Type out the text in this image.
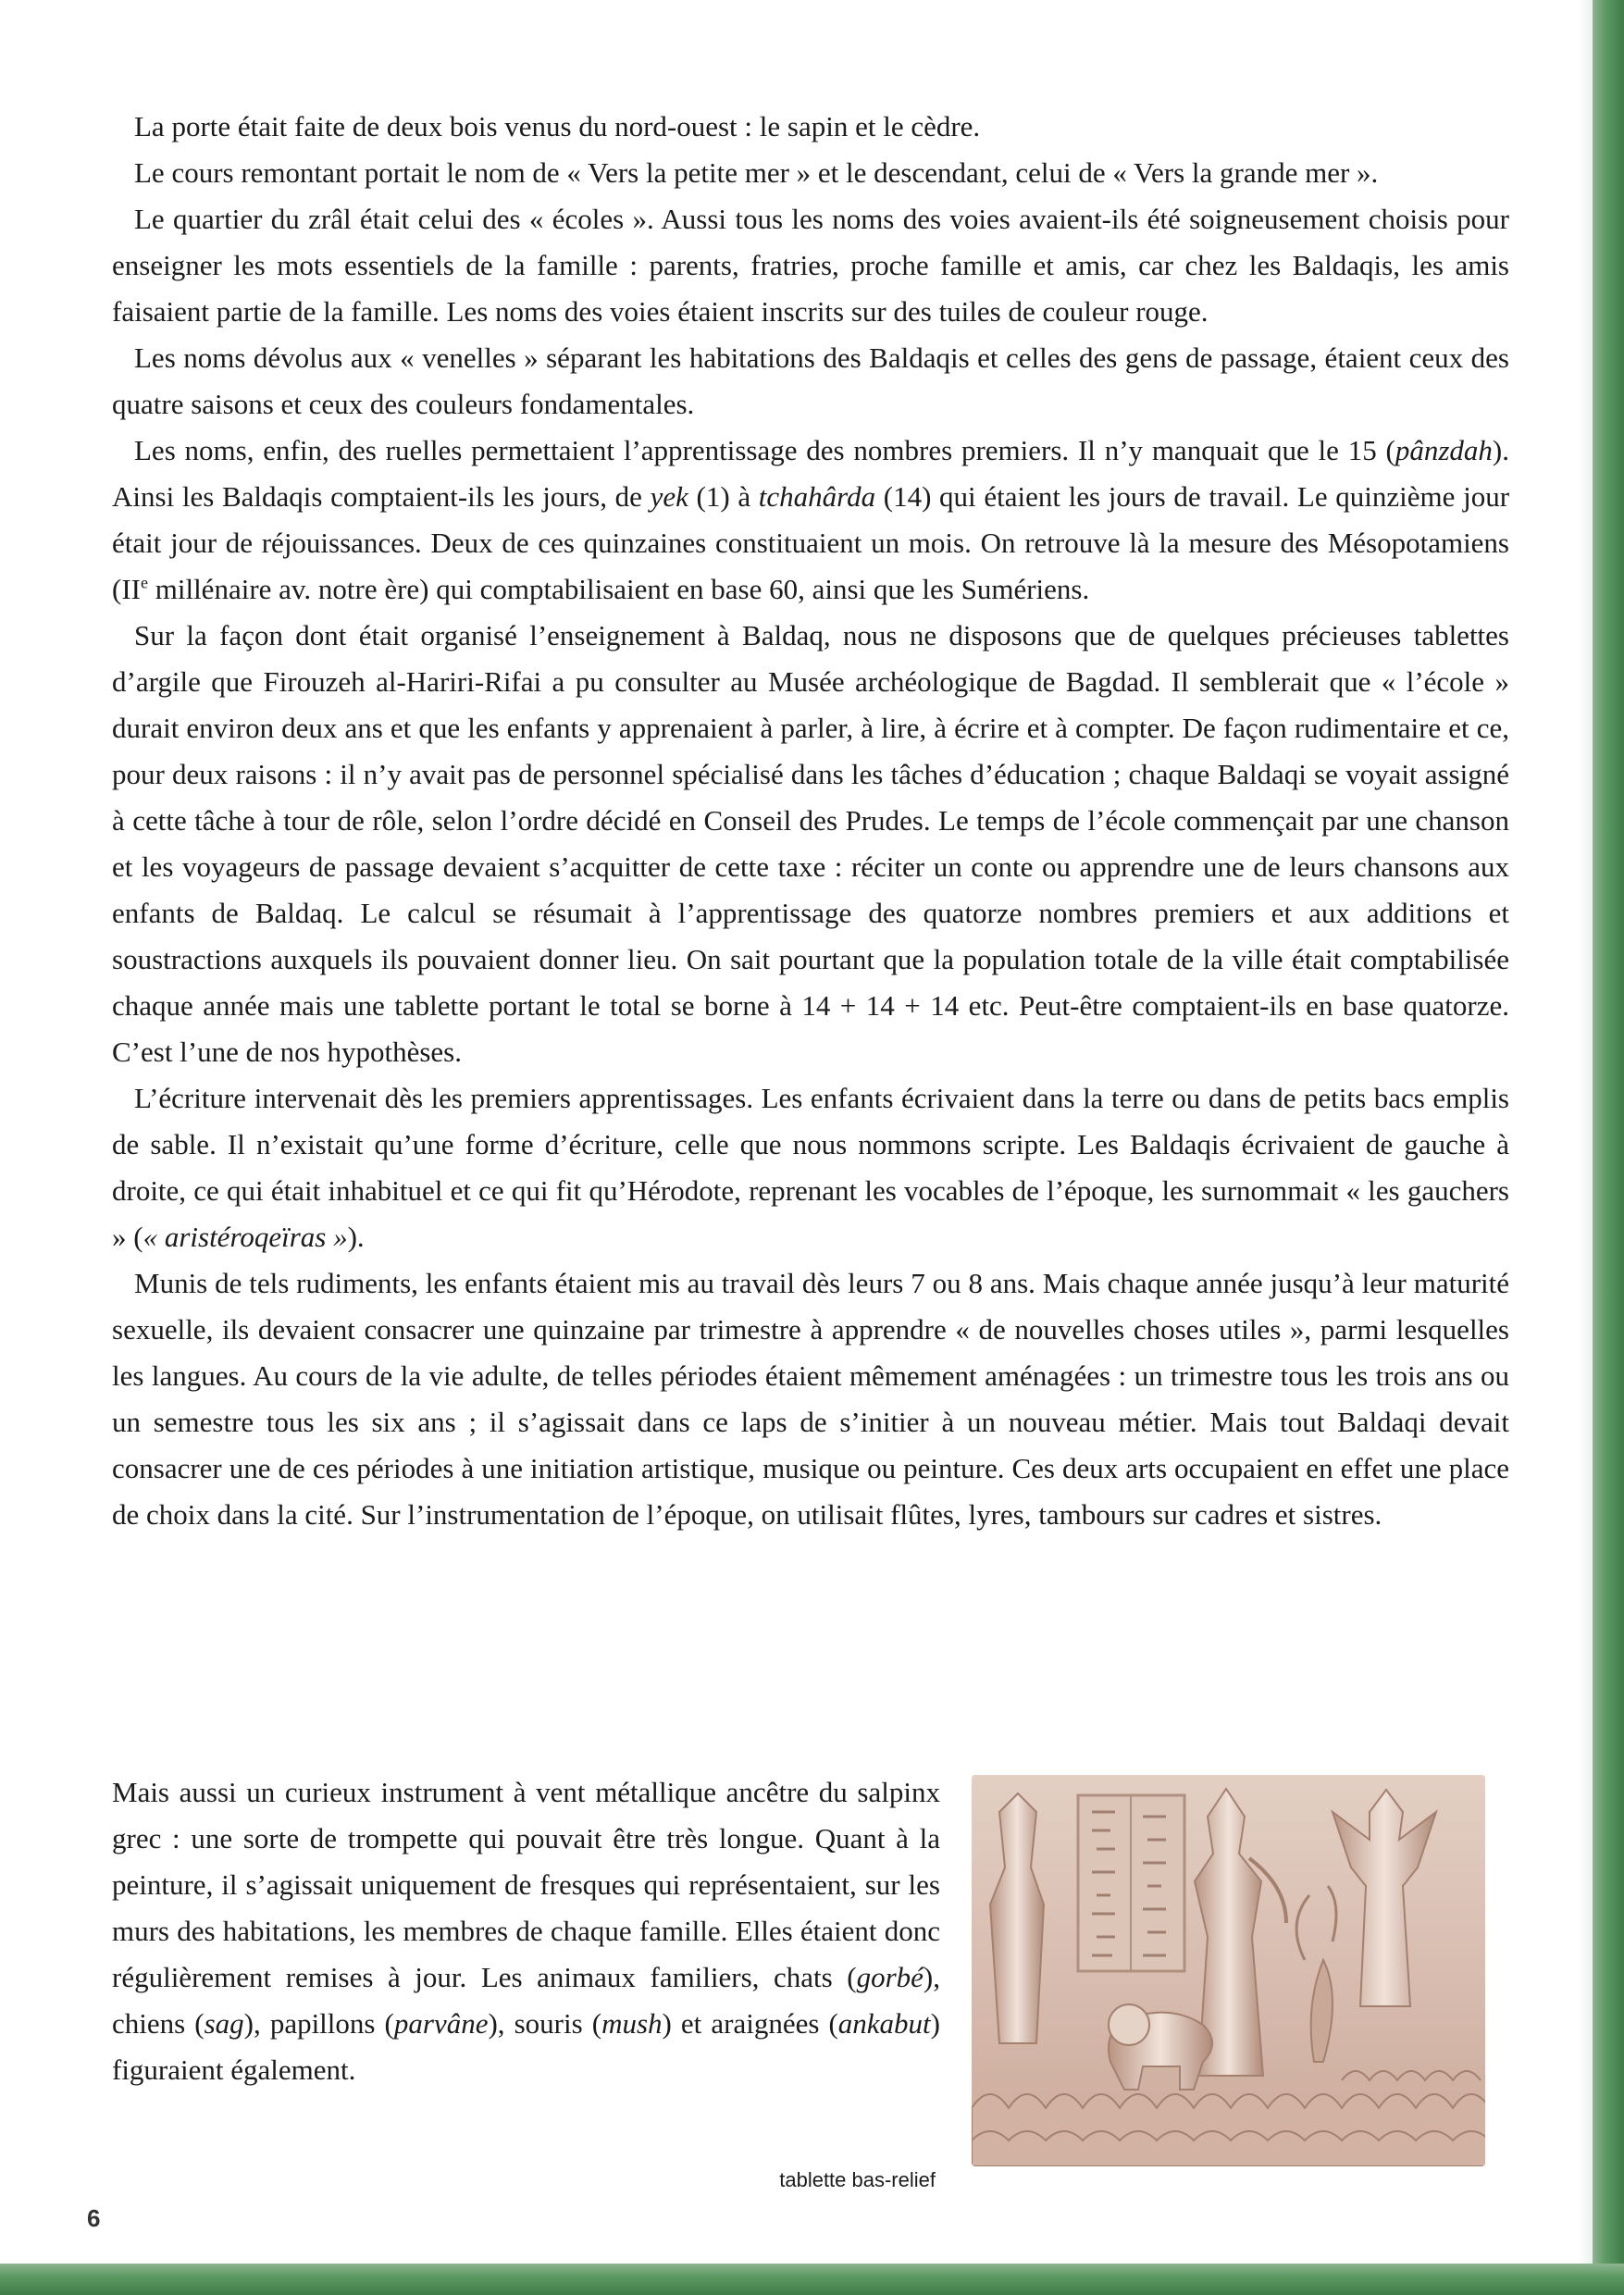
La porte était faite de deux bois venus du nord-ouest : le sapin et le cèdre.

Le cours remontant portait le nom de « Vers la petite mer » et le descendant, celui de « Vers la grande mer ».

Le quartier du zrâl était celui des « écoles ». Aussi tous les noms des voies avaient-ils été soigneusement choisis pour enseigner les mots essentiels de la famille : parents, fratries, proche famille et amis, car chez les Baldaqis, les amis faisaient partie de la famille. Les noms des voies étaient inscrits sur des tuiles de couleur rouge.

Les noms dévolus aux « venelles » séparant les habitations des Baldaqis et celles des gens de passage, étaient ceux des quatre saisons et ceux des couleurs fondamentales.

Les noms, enfin, des ruelles permettaient l’apprentissage des nombres premiers. Il n’y manquait que le 15 (pânzdah). Ainsi les Baldaqis comptaient-ils les jours, de yek (1) à tchahârda (14) qui étaient les jours de travail. Le quinzième jour était jour de réjouissances. Deux de ces quinzaines constituaient un mois. On retrouve là la mesure des Mésopotamiens (IIe millénaire av. notre ère) qui comptabilisaient en base 60, ainsi que les Sumériens.

Sur la façon dont était organisé l’enseignement à Baldaq, nous ne disposons que de quelques précieuses tablettes d’argile que Firouzeh al-Hariri-Rifai a pu consulter au Musée archéologique de Bagdad. Il semblerait que « l’école » durait environ deux ans et que les enfants y apprenaient à parler, à lire, à écrire et à compter. De façon rudimentaire et ce, pour deux raisons : il n’y avait pas de personnel spécialisé dans les tâches d’éducation ; chaque Baldaqi se voyait assigné à cette tâche à tour de rôle, selon l’ordre décidé en Conseil des Prudes. Le temps de l’école commençait par une chanson et les voyageurs de passage devaient s’acquitter de cette taxe : réciter un conte ou apprendre une de leurs chansons aux enfants de Baldaq. Le calcul se résumait à l’apprentissage des quatorze nombres premiers et aux additions et soustractions auxquels ils pouvaient donner lieu. On sait pourtant que la population totale de la ville était comptabilisée chaque année mais une tablette portant le total se borne à 14 + 14 + 14 etc. Peut-être comptaient-ils en base quatorze. C’est l’une de nos hypothèses.

L’écriture intervenait dès les premiers apprentissages. Les enfants écrivaient dans la terre ou dans de petits bacs emplis de sable. Il n’existait qu’une forme d’écriture, celle que nous nommons scripte. Les Baldaqis écrivaient de gauche à droite, ce qui était inhabituel et ce qui fit qu’Hérodote, reprenant les vocables de l’époque, les surnommait « les gauchers » (« aristéroqeïras »).

Munis de tels rudiments, les enfants étaient mis au travail dès leurs 7 ou 8 ans. Mais chaque année jusqu’à leur maturité sexuelle, ils devaient consacrer une quinzaine par trimestre à apprendre « de nouvelles choses utiles », parmi lesquelles les langues. Au cours de la vie adulte, de telles périodes étaient mêmement aménagées : un trimestre tous les trois ans ou un semestre tous les six ans ; il s’agissait dans ce laps de s’initier à un nouveau métier. Mais tout Baldaqi devait consacrer une de ces périodes à une initiation artistique, musique ou peinture. Ces deux arts occupaient en effet une place de choix dans la cité. Sur l’instrumentation de l’époque, on utilisait flûtes, lyres, tambours sur cadres et sistres.

Mais aussi un curieux instrument à vent métallique ancêtre du salpinx grec : une sorte de trompette qui pouvait être très longue. Quant à la peinture, il s’agissait uniquement de fresques qui représentaient, sur les murs des habitations, les membres de chaque famille. Elles étaient donc régulièrement remises à jour. Les animaux familiers, chats (gorbé), chiens (sag), papillons (parvâne), souris (mush) et araignées (ankabut) figuraient également.

tablette bas-relief
6
